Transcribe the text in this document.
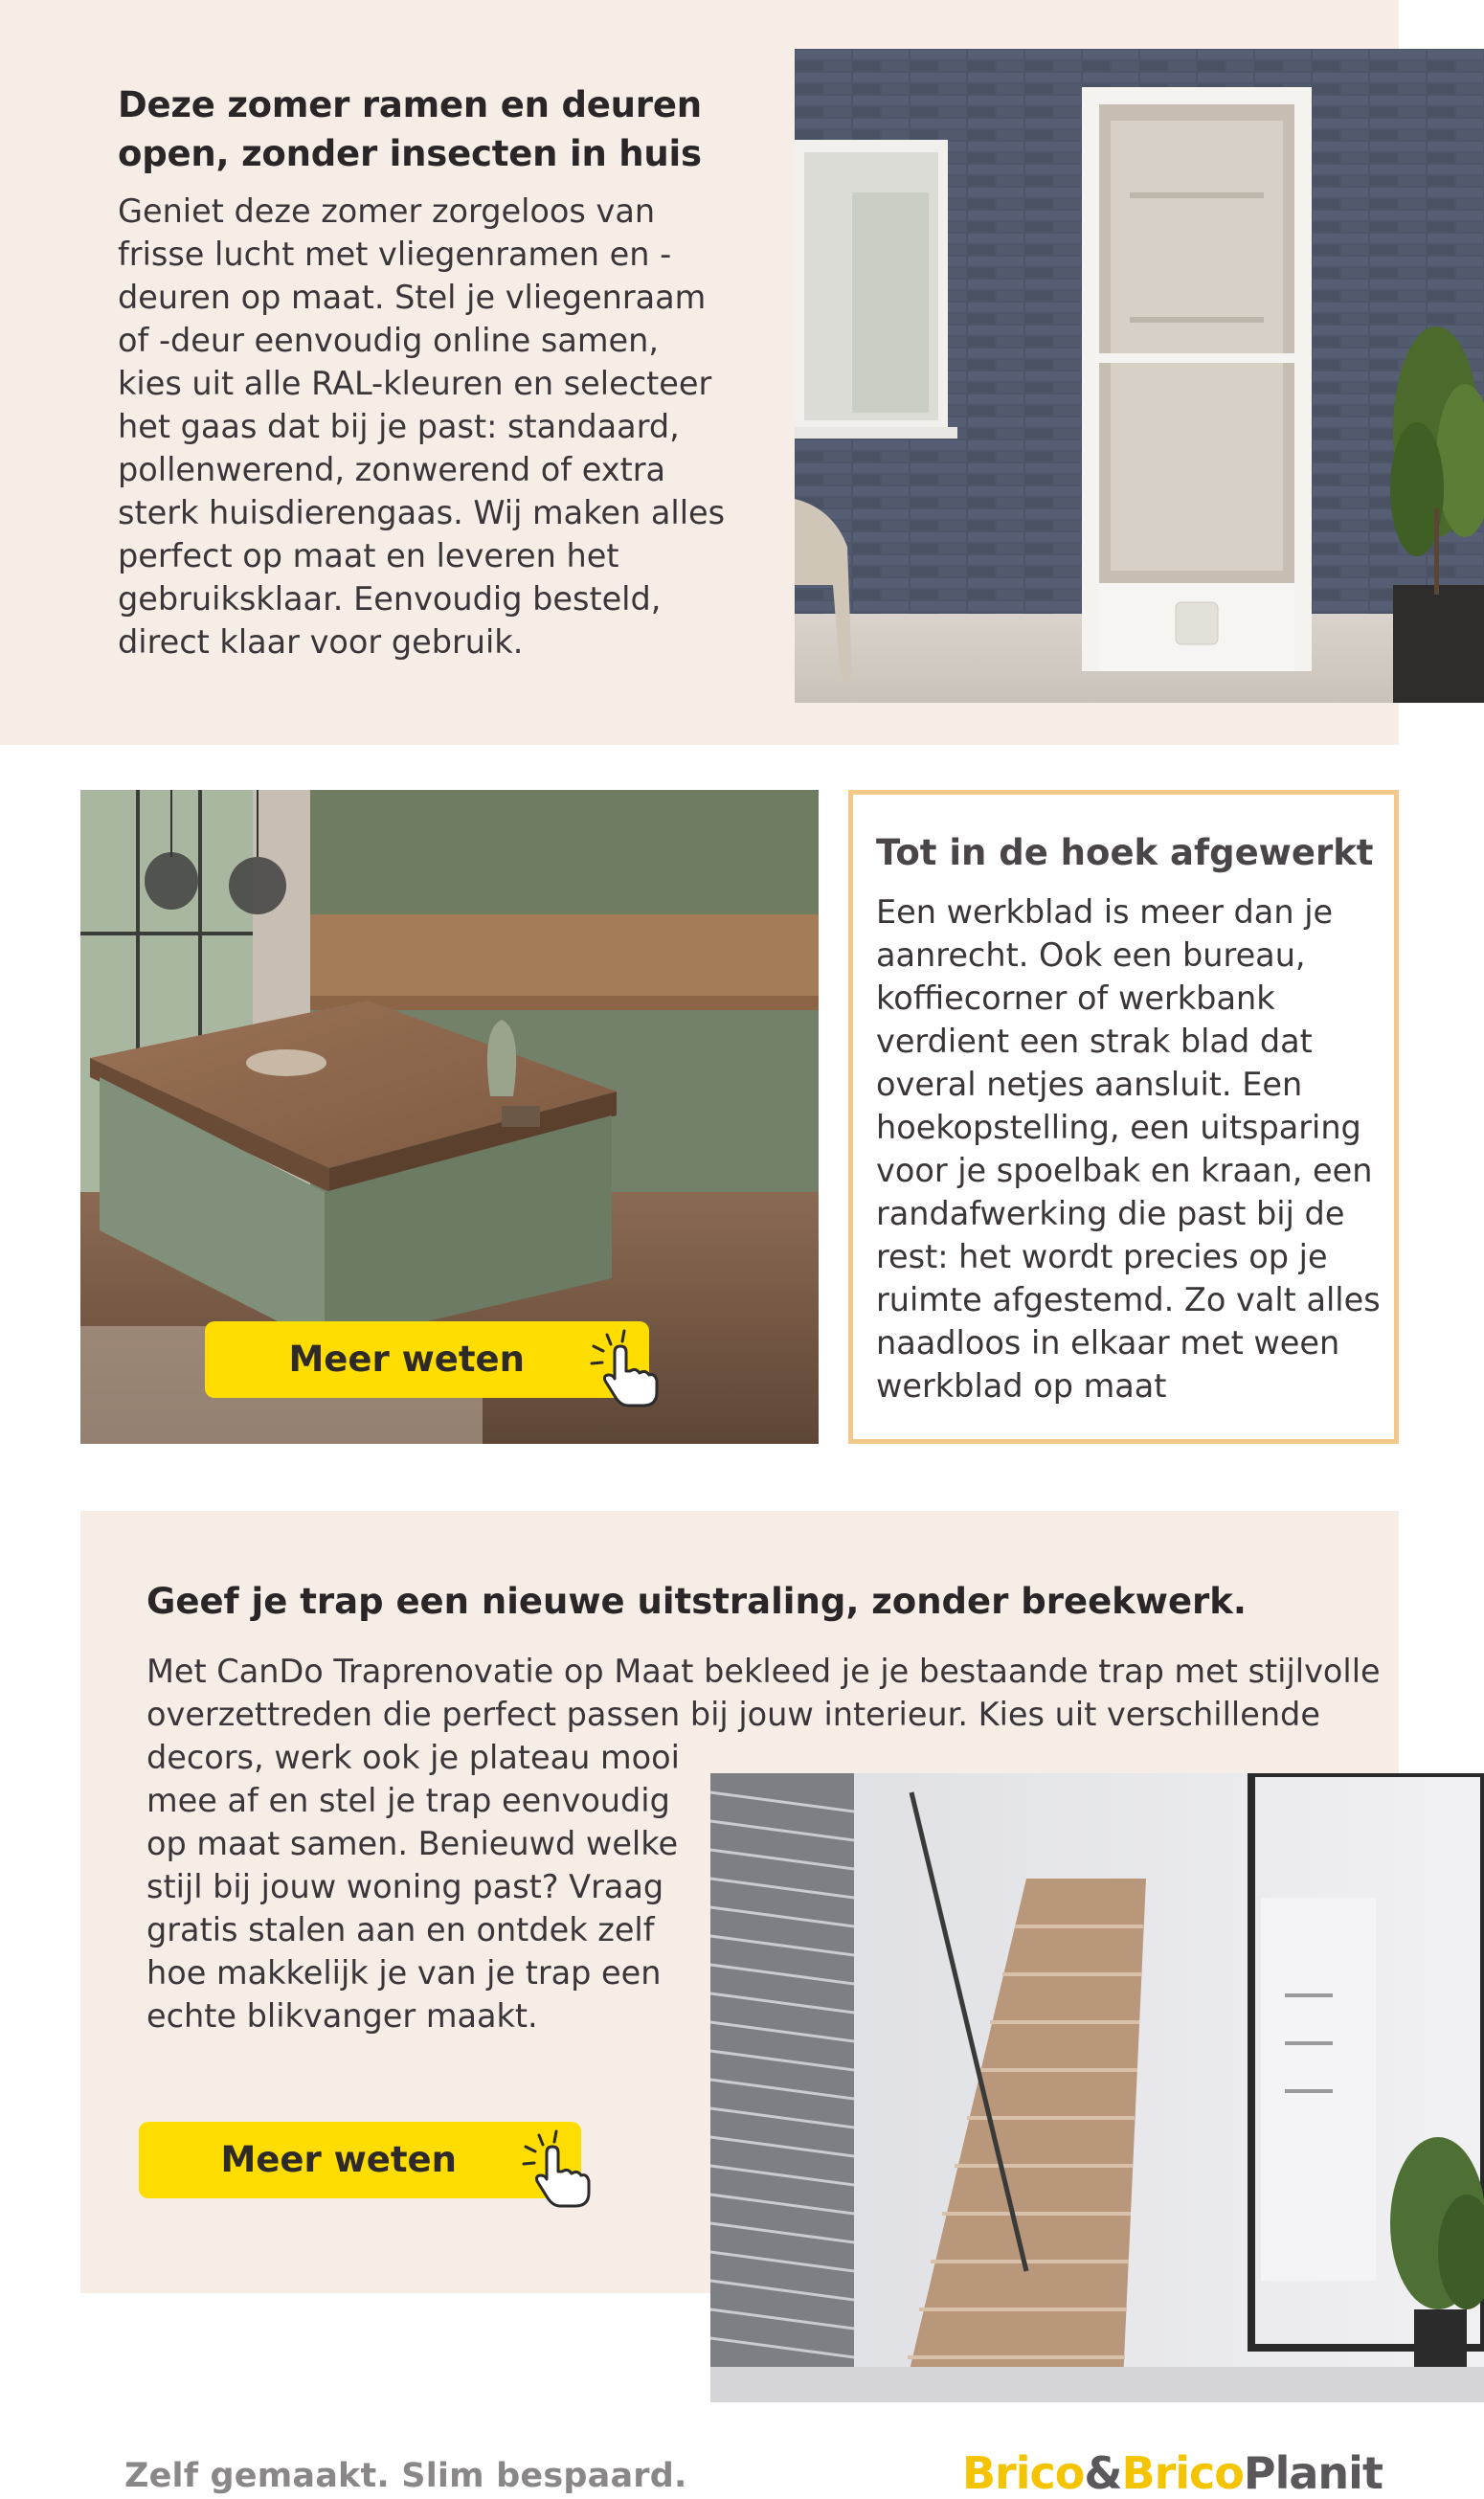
Deze zomer ramen en deuren open, zonder insecten in huis
Geniet deze zomer zorgeloos van frisse lucht met vliegenramen en -deuren op maat. Stel je vliegenraam of -deur eenvoudig online samen, kies uit alle RAL-kleuren en selecteer het gaas dat bij je past: standaard, pollenwerend, zonwerend of extra sterk huisdierengaas. Wij maken alles perfect op maat en leveren het gebruiksklaar. Eenvoudig besteld, direct klaar voor gebruik.
Meer weten
Tot in de hoek afgewerkt
Een werkblad is meer dan je aanrecht. Ook een bureau, koffiecorner of werkbank verdient een strak blad dat overal netjes aansluit. Een hoekopstelling, een uitsparing voor je spoelbak en kraan, een randafwerking die past bij de rest: het wordt precies op je ruimte afgestemd. Zo valt alles naadloos in elkaar met ween werkblad op maat
Geef je trap een nieuwe uitstraling, zonder breekwerk.
Met CanDo Traprenovatie op Maat bekleed je je bestaande trap met stijlvolle overzettreden die perfect passen bij jouw interieur. Kies uit verschillende
decors, werk ook je plateau mooi mee af en stel je trap eenvoudig op maat samen. Benieuwd welke stijl bij jouw woning past? Vraag gratis stalen aan en ontdek zelf hoe makkelijk je van je trap een echte blikvanger maakt.
Meer weten
Zelf gemaakt. Slim bespaard.	Brico&BricoPlanit
